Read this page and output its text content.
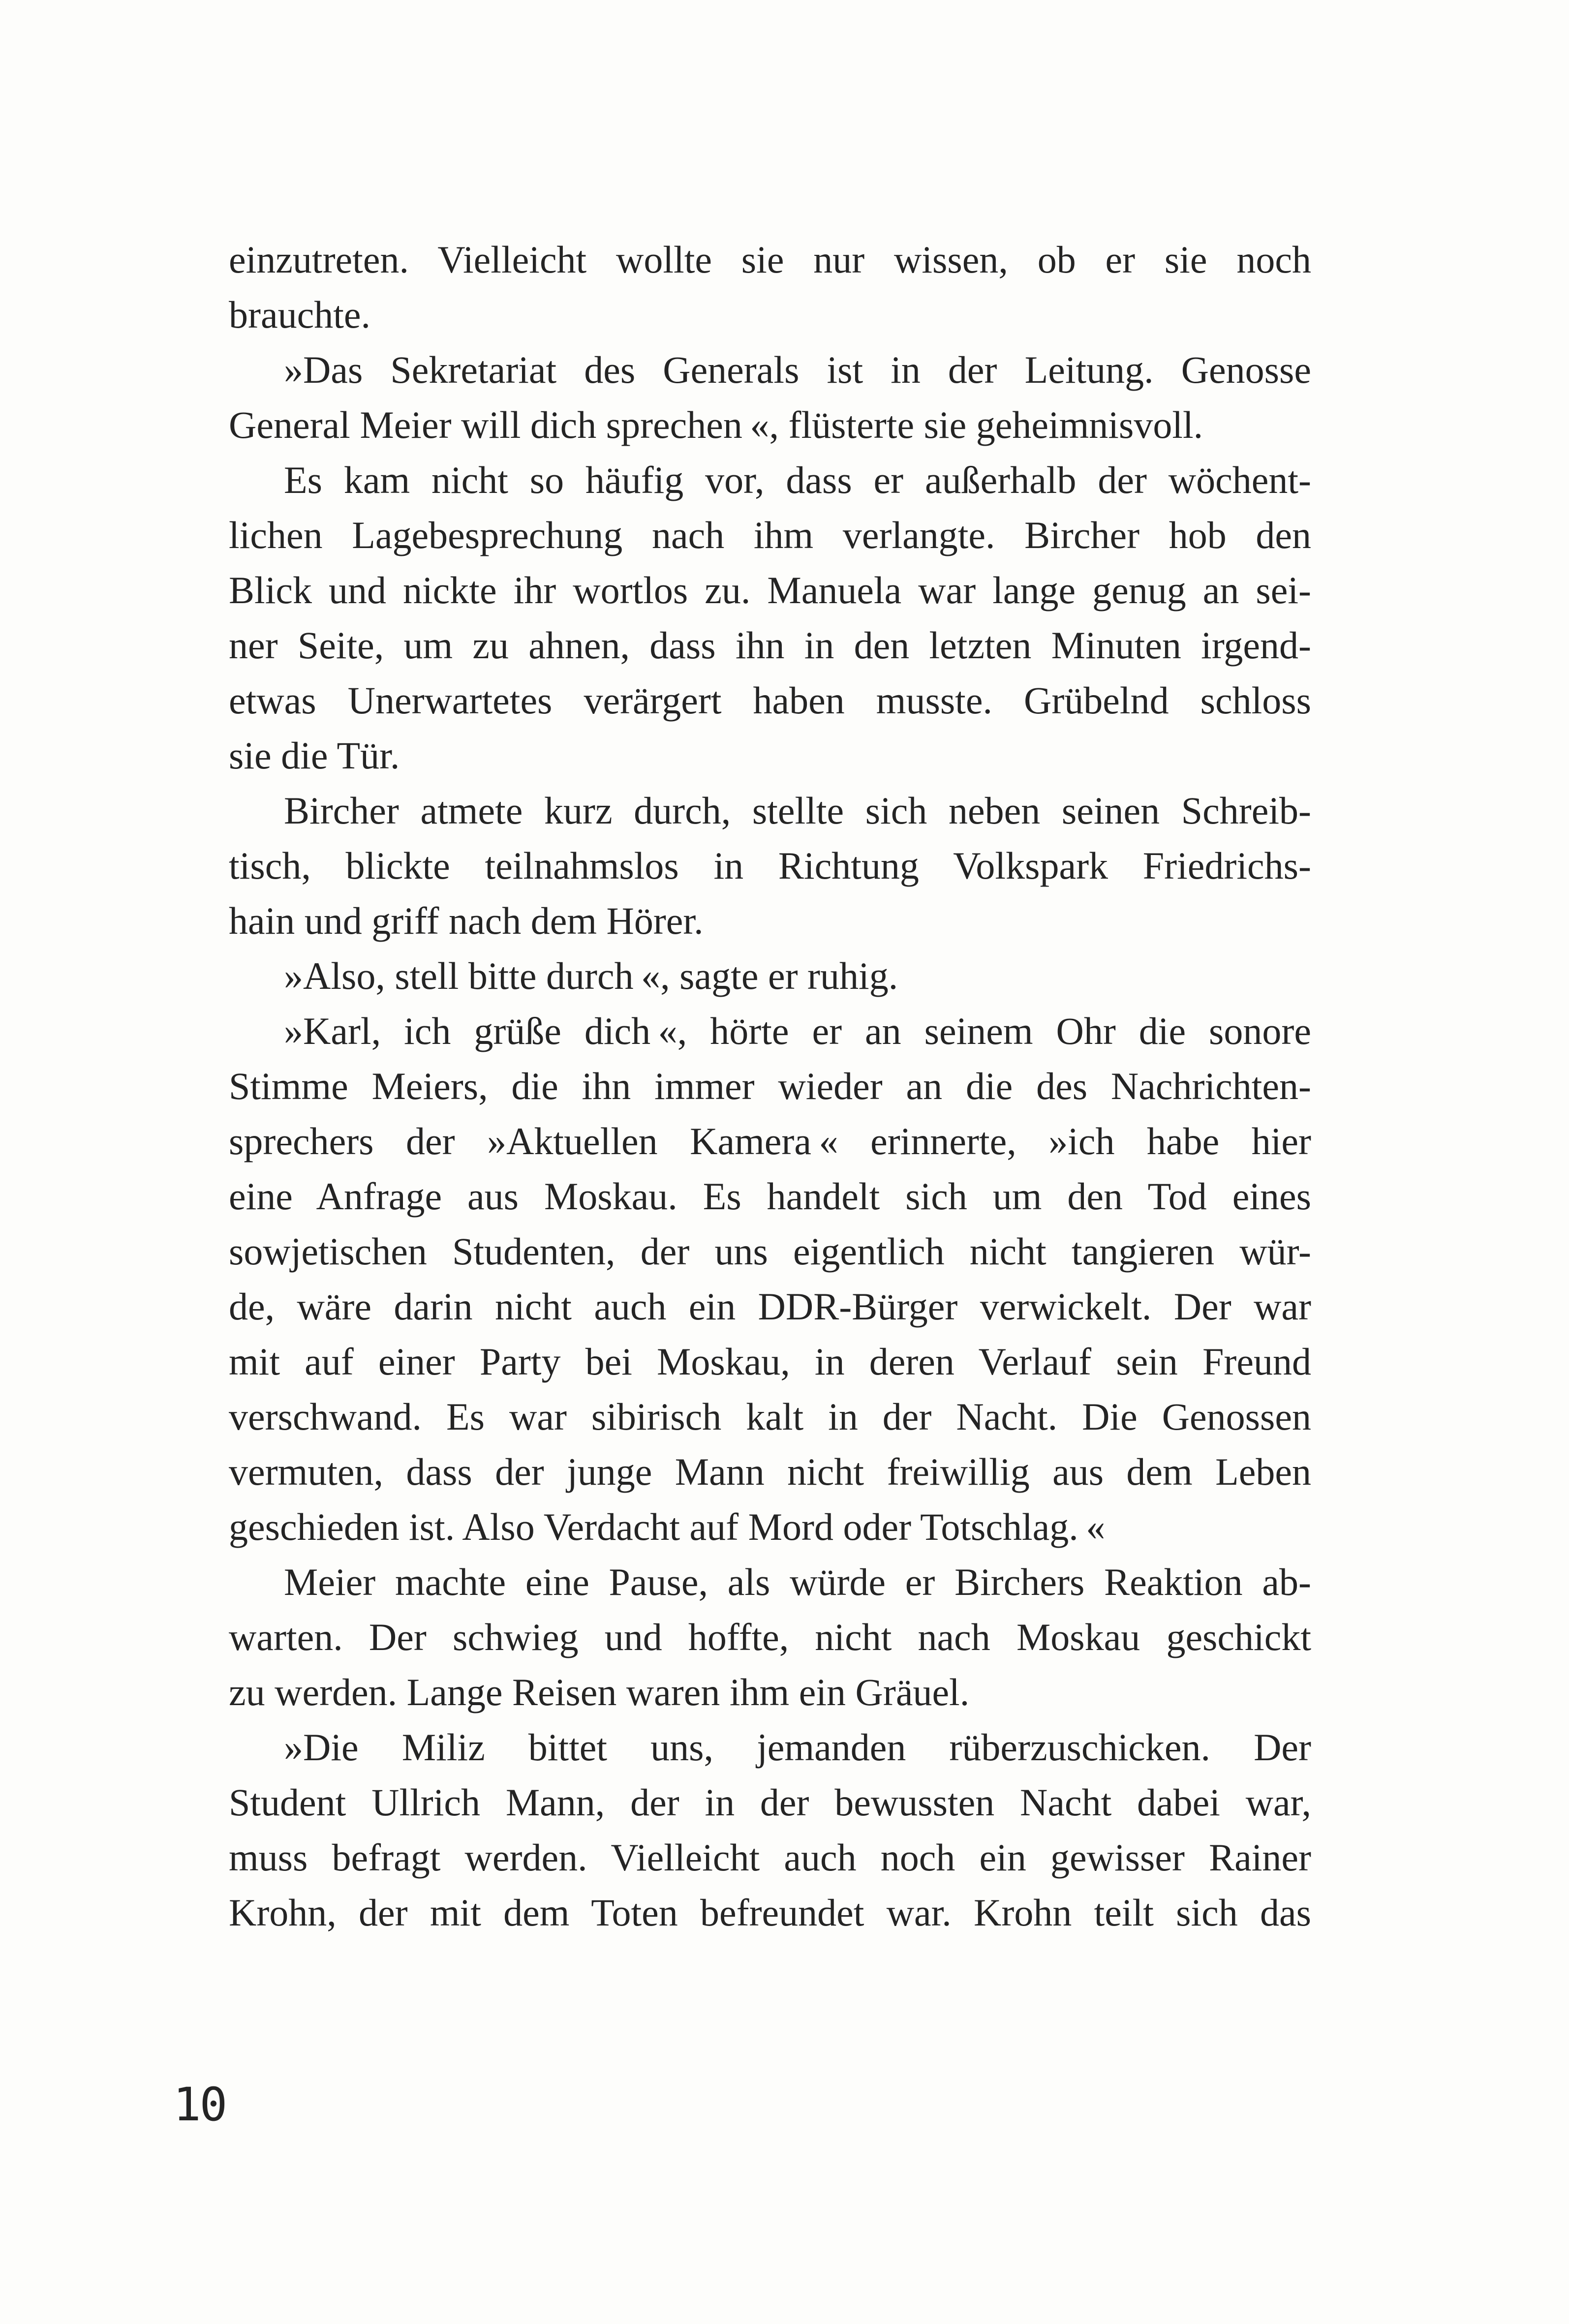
einzutreten. Vielleicht wollte sie nur wissen, ob er sie noch
brauchte.
»Das Sekretariat des Generals ist in der Leitung. Genosse
General Meier will dich sprechen «, flüsterte sie geheimnisvoll.
Es kam nicht so häufig vor, dass er außerhalb der wöchent-
lichen Lagebesprechung nach ihm verlangte. Bircher hob den
Blick und nickte ihr wortlos zu. Manuela war lange genug an sei-
ner Seite, um zu ahnen, dass ihn in den letzten Minuten irgend-
etwas Unerwartetes verärgert haben musste. Grübelnd schloss
sie die Tür.
Bircher atmete kurz durch, stellte sich neben seinen Schreib-
tisch, blickte teilnahmslos in Richtung Volkspark Friedrichs-
hain und griff nach dem Hörer.
»Also, stell bitte durch «, sagte er ruhig.
»Karl, ich grüße dich «, hörte er an seinem Ohr die sonore
Stimme Meiers, die ihn immer wieder an die des Nachrichten-
sprechers der »Aktuellen Kamera « erinnerte, »ich habe hier
eine Anfrage aus Moskau. Es handelt sich um den Tod eines
sowjetischen Studenten, der uns eigentlich nicht tangieren wür-
de, wäre darin nicht auch ein DDR-Bürger verwickelt. Der war
mit auf einer Party bei Moskau, in deren Verlauf sein Freund
verschwand. Es war sibirisch kalt in der Nacht. Die Genossen
vermuten, dass der junge Mann nicht freiwillig aus dem Leben
geschieden ist. Also Verdacht auf Mord oder Totschlag. «
Meier machte eine Pause, als würde er Birchers Reaktion ab-
warten. Der schwieg und hoffte, nicht nach Moskau geschickt
zu werden. Lange Reisen waren ihm ein Gräuel.
»Die Miliz bittet uns, jemanden rüberzuschicken. Der
Student Ullrich Mann, der in der bewussten Nacht dabei war,
muss befragt werden. Vielleicht auch noch ein gewisser Rainer
Krohn, der mit dem Toten befreundet war. Krohn teilt sich das
10
